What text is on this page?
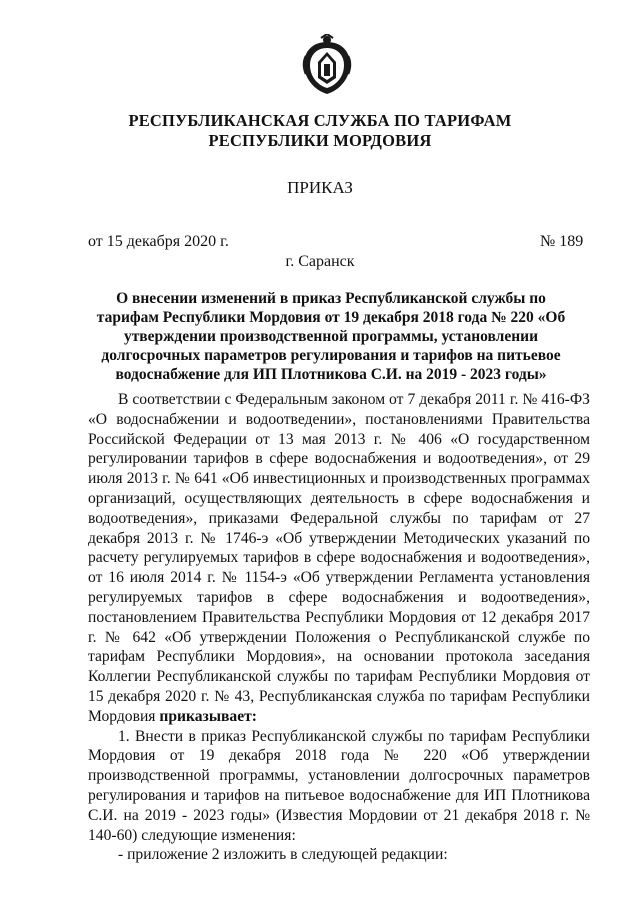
РЕСПУБЛИКАНСКАЯ СЛУЖБА ПО ТАРИФАМ
РЕСПУБЛИКИ МОРДОВИЯ
ПРИКАЗ
от 15 декабря 2020 г.	№ 189
г. Саранск
О внесении изменений в приказ Республиканской службы по тарифам Республики Мордовия от 19 декабря 2018 года № 220 «Об утверждении производственной программы, установлении долгосрочных параметров регулирования и тарифов на питьевое водоснабжение для ИП Плотникова С.И. на 2019 - 2023 годы»

В соответствии с Федеральным законом от 7 декабря 2011 г. № 416-ФЗ «О водоснабжении и водоотведении», постановлениями Правительства Российской Федерации от 13 мая 2013 г. № 406 «О государственном регулировании тарифов в сфере водоснабжения и водоотведения», от 29 июля 2013 г. № 641 «Об инвестиционных и производственных программах организаций, осуществляющих деятельность в сфере водоснабжения и водоотведения», приказами Федеральной службы по тарифам от 27 декабря 2013 г. № 1746-э «Об утверждении Методических указаний по расчету регулируемых тарифов в сфере водоснабжения и водоотведения», от 16 июля 2014 г. № 1154-э «Об утверждении Регламента установления регулируемых тарифов в сфере водоснабжения и водоотведения», постановлением Правительства Республики Мордовия от 12 декабря 2017 г. № 642 «Об утверждении Положения о Республиканской службе по тарифам Республики Мордовия», на основании протокола заседания Коллегии Республиканской службы по тарифам Республики Мордовия от 15 декабря 2020 г. № 43, Республиканская служба по тарифам Республики Мордовия приказывает:

1. Внести в приказ Республиканской службы по тарифам Республики Мордовия от 19 декабря 2018 года № 220 «Об утверждении производственной программы, установлении долгосрочных параметров регулирования и тарифов на питьевое водоснабжение для ИП Плотникова С.И. на 2019 - 2023 годы» (Известия Мордовии от 21 декабря 2018 г. № 140-60) следующие изменения:

- приложение 2 изложить в следующей редакции:
